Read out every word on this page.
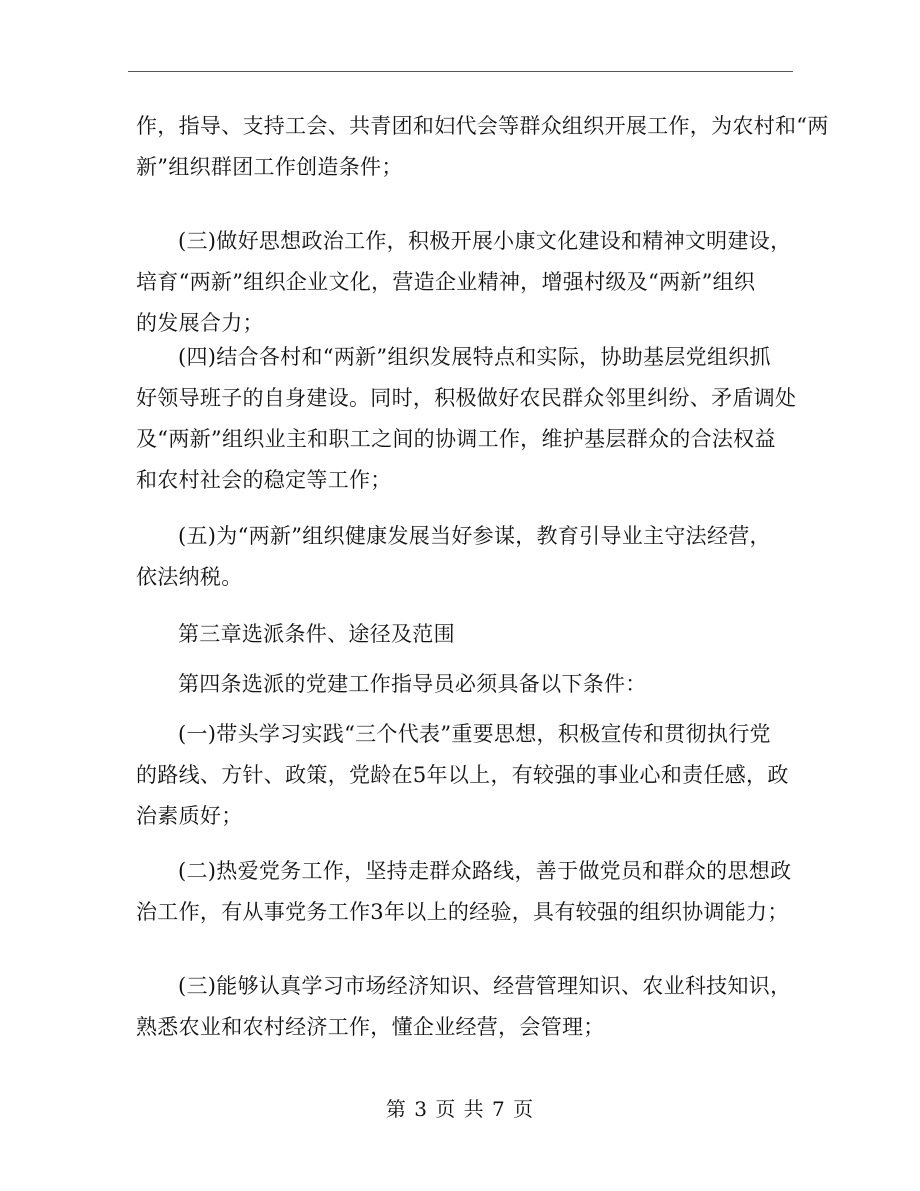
作，指导、支持工会、共青团和妇代会等群众组织开展工作，为农村和“两
新”组织群团工作创造条件；
(三)做好思想政治工作，积极开展小康文化建设和精神文明建设，
培育“两新”组织企业文化，营造企业精神，增强村级及“两新”组织
的发展合力；
(四)结合各村和“两新”组织发展特点和实际，协助基层党组织抓
好领导班子的自身建设。同时，积极做好农民群众邻里纠纷、矛盾调处
及“两新”组织业主和职工之间的协调工作，维护基层群众的合法权益
和农村社会的稳定等工作；
(五)为“两新”组织健康发展当好参谋，教育引导业主守法经营，
依法纳税。
第三章选派条件、途径及范围
第四条选派的党建工作指导员必须具备以下条件：
(一)带头学习实践“三个代表”重要思想，积极宣传和贯彻执行党
的路线、方针、政策，党龄在5年以上，有较强的事业心和责任感，政
治素质好；
(二)热爱党务工作，坚持走群众路线，善于做党员和群众的思想政
治工作，有从事党务工作3年以上的经验，具有较强的组织协调能力；
(三)能够认真学习市场经济知识、经营管理知识、农业科技知识，
熟悉农业和农村经济工作，懂企业经营，会管理；
第 3 页 共 7 页
